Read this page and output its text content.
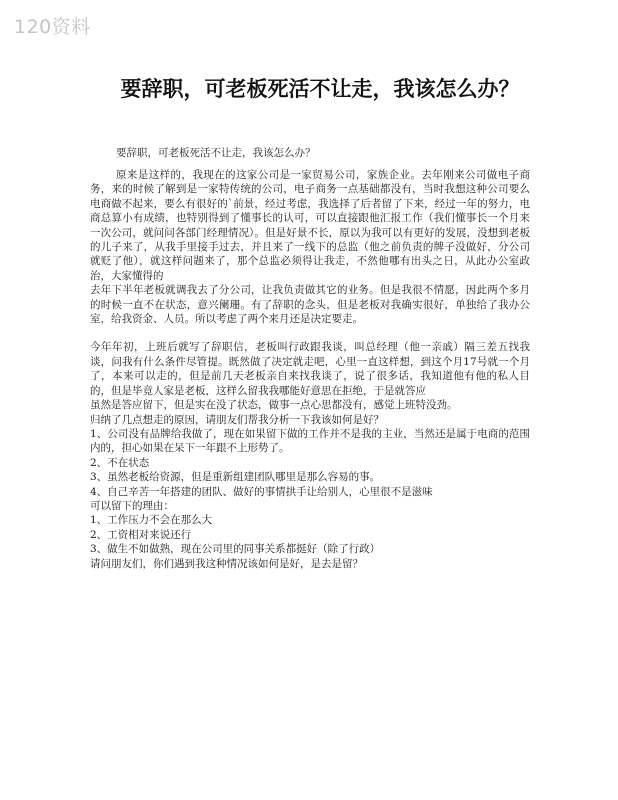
120资料
要辞职，可老板死活不让走，我该怎么办？
要辞职，可老板死活不让走，我该怎么办？

原来是这样的，我现在的这家公司是一家贸易公司，家族企业。去年刚来公司做电子商务，来的时候了解到是一家特传统的公司，电子商务一点基础都没有，当时我想这种公司要么电商做不起来，要么有很好的`前景，经过考虑，我选择了后者留了下来，经过一年的努力，电商总算小有成绩，也特别得到了懂事长的认可，可以直接跟他汇报工作（我们懂事长一个月来一次公司，就问问各部门经理情况）。但是好景不长，原以为我可以有更好的发展，没想到老板的儿子来了，从我手里接手过去，并且来了一线下的总监（他之前负责的牌子没做好，分公司就贬了他），就这样问题来了，那个总监必须得让我走，不然他哪有出头之日，从此办公室政治，大家懂得的

去年下半年老板就调我去了分公司，让我负责做其它的业务。但是我很不情愿，因此两个多月的时候一直不在状态，意兴阑珊。有了辞职的念头，但是老板对我确实很好，单独给了我办公室，给我资金、人员。所以考虑了两个来月还是决定要走。

今年年初，上班后就写了辞职信，老板叫行政跟我谈，叫总经理（他一亲戚）隔三差五找我谈，问我有什么条件尽管提。既然做了决定就走吧，心里一直这样想，到这个月17号就一个月了，本来可以走的，但是前几天老板亲自来找我谈了，说了很多话，我知道他有他的私人目的，但是毕竟人家是老板，这样么留我我哪能好意思在拒绝，于是就答应

虽然是答应留下，但是实在没了状态，做事一点心思都没有，感觉上班特没劲。

归纳了几点想走的原因，请朋友们帮我分析一下我该如何是好？

1、公司没有品牌给我做了，现在如果留下做的工作并不是我的主业，当然还是属于电商的范围内的，担心如果在呆下一年跟不上形势了。

2、不在状态

3、虽然老板给资源，但是重新组建团队哪里是那么容易的事。

4、自己辛苦一年搭建的团队、做好的事情拱手让给别人，心里很不是滋味

可以留下的理由：

1、工作压力不会在那么大

2、工资相对来说还行

3、做生不如做熟，现在公司里的同事关系都挺好（除了行政）

请问朋友们，你们遇到我这种情况该如何是好，是去是留？
